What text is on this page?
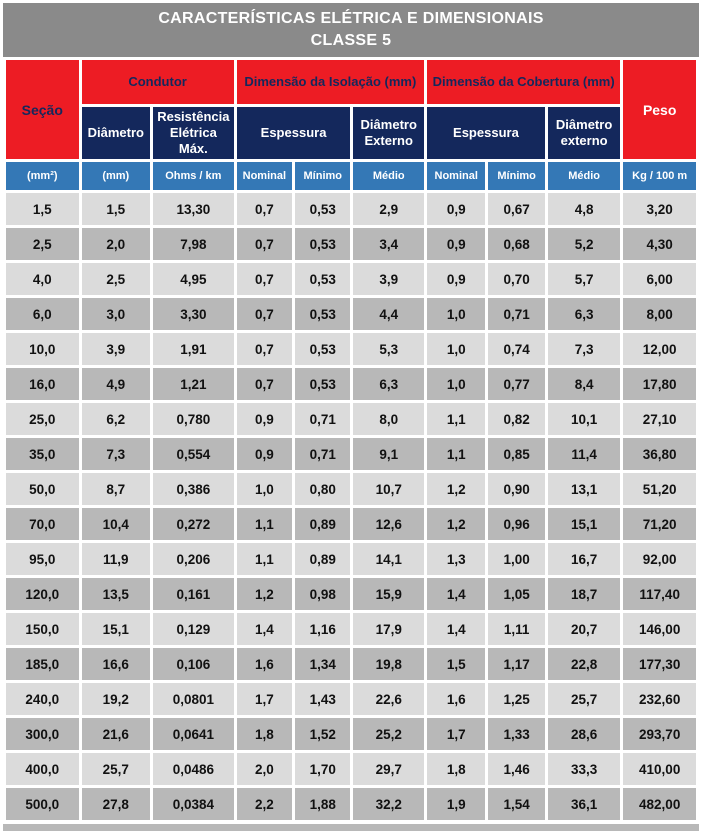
CARACTERÍSTICAS ELÉTRICA E DIMENSIONAIS
CLASSE 5
Seção	Condutor		Dimensão da Isolação (mm)			Dimensão da Cobertura (mm)			Peso
	Diâmetro	Resistência Elétrica Máx.	Espessura		Diâmetro Externo	Espessura		Diâmetro externo	
(mm²)	(mm)	Ohms / km	Nominal	Mínimo	Médio	Nominal	Mínimo	Médio	Kg / 100 m
1,5	1,5	13,30	0,7	0,53	2,9	0,9	0,67	4,8	3,20
2,5	2,0	7,98	0,7	0,53	3,4	0,9	0,68	5,2	4,30
4,0	2,5	4,95	0,7	0,53	3,9	0,9	0,70	5,7	6,00
6,0	3,0	3,30	0,7	0,53	4,4	1,0	0,71	6,3	8,00
10,0	3,9	1,91	0,7	0,53	5,3	1,0	0,74	7,3	12,00
16,0	4,9	1,21	0,7	0,53	6,3	1,0	0,77	8,4	17,80
25,0	6,2	0,780	0,9	0,71	8,0	1,1	0,82	10,1	27,10
35,0	7,3	0,554	0,9	0,71	9,1	1,1	0,85	11,4	36,80
50,0	8,7	0,386	1,0	0,80	10,7	1,2	0,90	13,1	51,20
70,0	10,4	0,272	1,1	0,89	12,6	1,2	0,96	15,1	71,20
95,0	11,9	0,206	1,1	0,89	14,1	1,3	1,00	16,7	92,00
120,0	13,5	0,161	1,2	0,98	15,9	1,4	1,05	18,7	117,40
150,0	15,1	0,129	1,4	1,16	17,9	1,4	1,11	20,7	146,00
185,0	16,6	0,106	1,6	1,34	19,8	1,5	1,17	22,8	177,30
240,0	19,2	0,0801	1,7	1,43	22,6	1,6	1,25	25,7	232,60
300,0	21,6	0,0641	1,8	1,52	25,2	1,7	1,33	28,6	293,70
400,0	25,7	0,0486	2,0	1,70	29,7	1,8	1,46	33,3	410,00
500,0	27,8	0,0384	2,2	1,88	32,2	1,9	1,54	36,1	482,00
